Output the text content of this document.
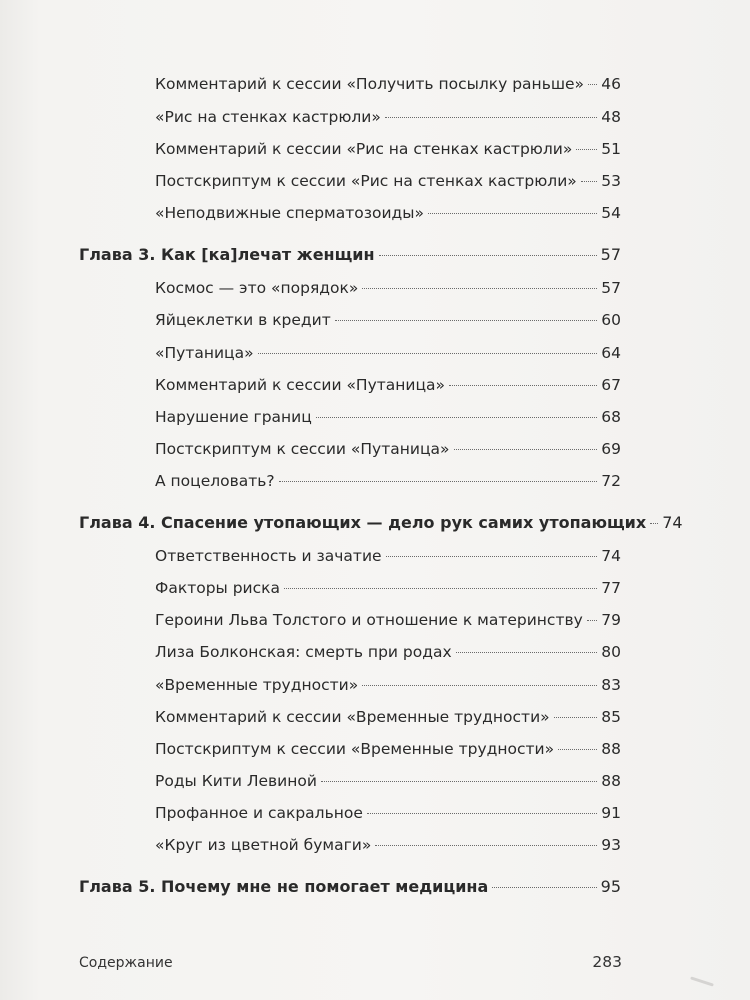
Комментарий к сессии «Получить посылку раньше» 46
«Рис на стенках кастрюли»	48
Комментарий к сессии «Рис на стенках кастрюли» 51
Постскриптум к сессии «Рис на стенках кастрюли» 53
«Неподвижные сперматозоиды»	54
Глава 3. Как [ка]лечат женщин	57
Космос — это «порядок»	57
Яйцеклетки в кредит	60
«Путаница»	64
Комментарий к сессии «Путаница»	67
Нарушение границ	68
Постскриптум к сессии «Путаница»	69
А поцеловать?	72
Глава 4. Спасение утопающих — дело рук самих утопающих 74
Ответственность и зачатие	74
Факторы риска	77
Героини Льва Толстого и отношение к материнству 79
Лиза Болконская: смерть при родах	80
«Временные трудности»	83
Комментарий к сессии «Временные трудности»	85
Постскриптум к сессии «Временные трудности»	88
Роды Кити Левиной	88
Профанное и сакральное	91
«Круг из цветной бумаги»	93
Глава 5. Почему мне не помогает медицина	95
Содержание	283
